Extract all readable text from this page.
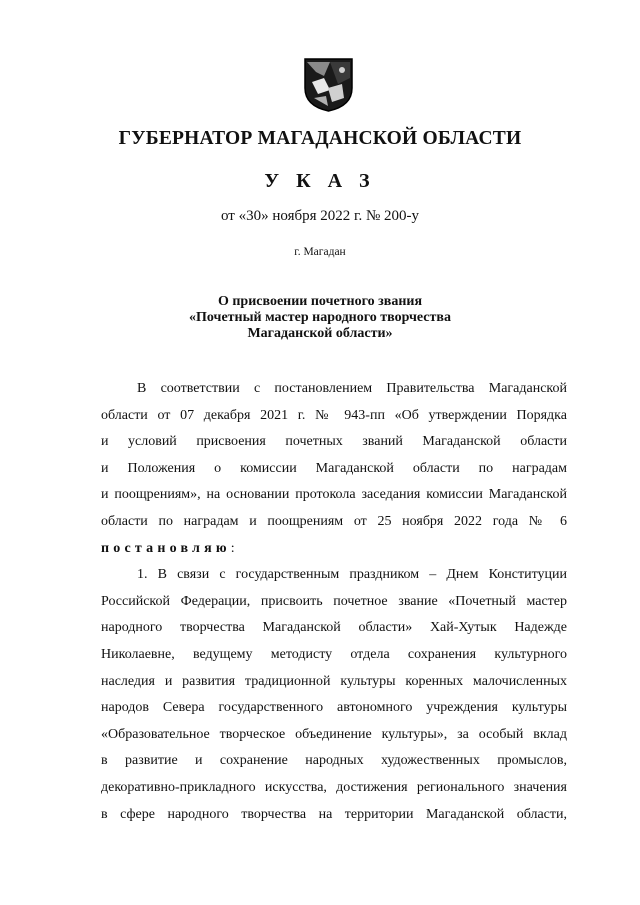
ГУБЕРНАТОР МАГАДАНСКОЙ ОБЛАСТИ
У К А З
от «30» ноября 2022 г. № 200-у
г. Магадан
О присвоении почетного звания
«Почетный мастер народного творчества
Магаданской области»
В соответствии с постановлением Правительства Магаданской
области от 07 декабря 2021 г. № 943-пп «Об утверждении Порядка
и условий присвоения почетных званий Магаданской области
и Положения о комиссии Магаданской области по наградам
и поощрениям», на основании протокола заседания комиссии Магаданской
области по наградам и поощрениям от 25 ноября 2022 года № 6
постановляю:
1. В связи с государственным праздником – Днем Конституции
Российской Федерации, присвоить почетное звание «Почетный мастер
народного творчества Магаданской области» Хай-Хутык Надежде
Николаевне, ведущему методисту отдела сохранения культурного
наследия и развития традиционной культуры коренных малочисленных
народов Севера государственного автономного учреждения культуры
«Образовательное творческое объединение культуры», за особый вклад
в развитие и сохранение народных художественных промыслов,
декоративно-прикладного искусства, достижения регионального значения
в сфере народного творчества на территории Магаданской области,
